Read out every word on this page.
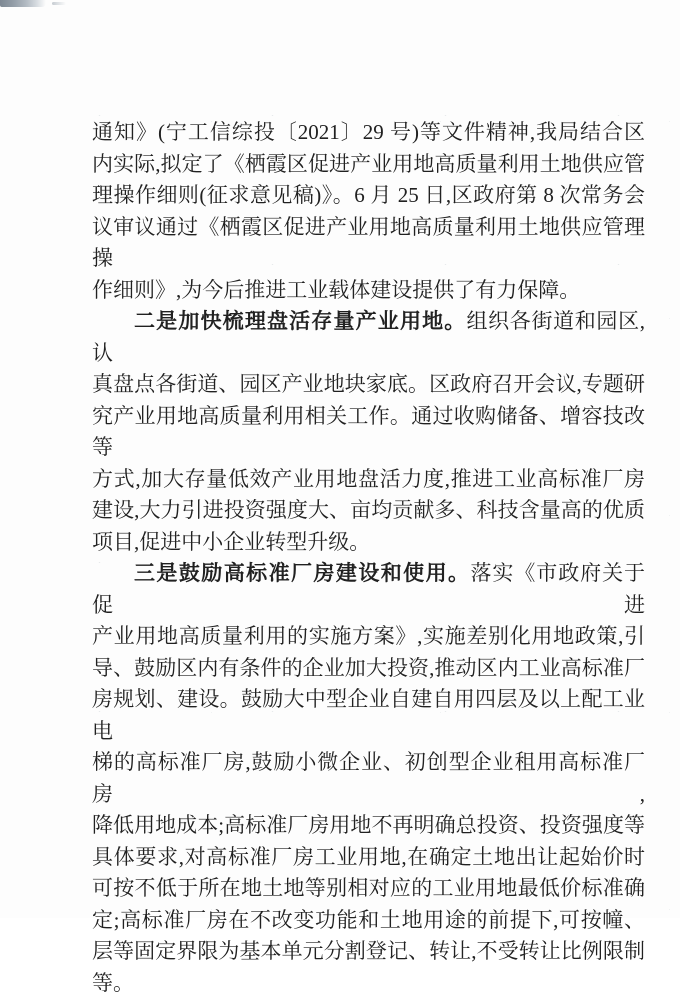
通知》(宁工信综投〔2021〕29 号)等文件精神,我局结合区

内实际,拟定了《栖霞区促进产业用地高质量利用土地供应管

理操作细则(征求意见稿)》。6 月 25 日,区政府第 8 次常务会

议审议通过《栖霞区促进产业用地高质量利用土地供应管理操

作细则》,为今后推进工业载体建设提供了有力保障。

二是加快梳理盘活存量产业用地。组织各街道和园区,认

真盘点各街道、园区产业地块家底。区政府召开会议,专题研

究产业用地高质量利用相关工作。通过收购储备、增容技改等

方式,加大存量低效产业用地盘活力度,推进工业高标准厂房

建设,大力引进投资强度大、亩均贡献多、科技含量高的优质

项目,促进中小企业转型升级。

三是鼓励高标准厂房建设和使用。落实《市政府关于促进

产业用地高质量利用的实施方案》,实施差别化用地政策,引

导、鼓励区内有条件的企业加大投资,推动区内工业高标准厂

房规划、建设。鼓励大中型企业自建自用四层及以上配工业电

梯的高标准厂房,鼓励小微企业、初创型企业租用高标准厂房,

降低用地成本;高标准厂房用地不再明确总投资、投资强度等

具体要求,对高标准厂房工业用地,在确定土地出让起始价时

可按不低于所在地土地等别相对应的工业用地最低价标准确

定;高标准厂房在不改变功能和土地用途的前提下,可按幢、

层等固定界限为基本单元分割登记、转让,不受转让比例限制

等。
